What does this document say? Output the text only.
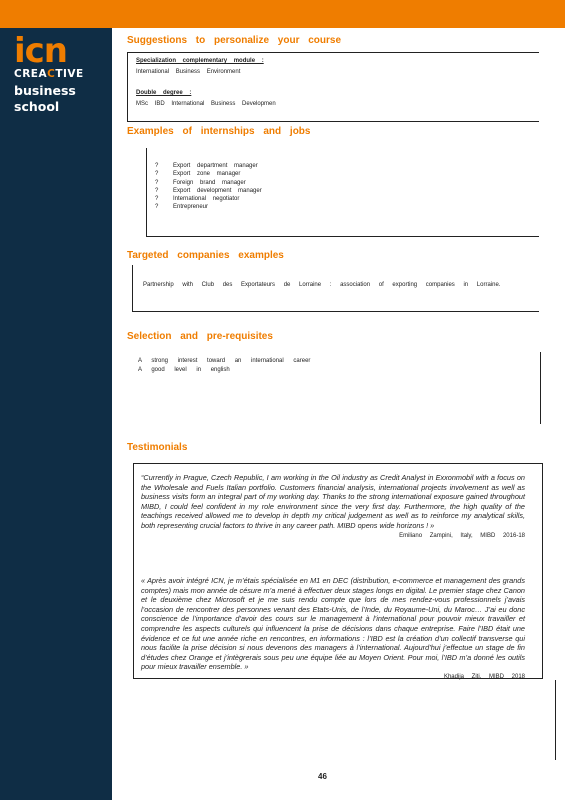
icn
CREACTIVE
business
school
Suggestions to personalize your course
Specialization complementary module :
International Business Environment
Double degree :
MSc IBD International Business Developmen
Examples of internships and jobs
? Export department manager
? Export zone manager
? Foreign brand manager
? Export development manager
? International negotiator
? Entrepreneur
Targeted companies examples
Partnership with Club des Exportateurs de Lorraine : association of exporting companies in Lorraine.
Selection and pre-requisites
A strong interest toward an international career
A good level in english
Testimonials
“Currently in Prague, Czech Republic, I am working in the Oil industry as Credit Analyst in Exxonmobil with a focus on the Wholesale and Fuels Italian portfolio. Customers financial analysis, international projects involvement as well as business visits form an integral part of my working day. Thanks to the strong international exposure gained throughout MIBD, I could feel confident in my role environment since the very first day. Furthermore, the high quality of the teachings received allowed me to develop in depth my critical judgement as well as to reinforce my analytical skills, both representing crucial factors to thrive in any career path. MIBD opens wide horizons ! »
Emiliano Zampini, Italy, MIBD 2016-18
« Après avoir intégré ICN, je m’étais spécialisée en M1 en DEC (distribution, e-commerce et management des grands comptes) mais mon année de césure m’a mené à effectuer deux stages longs en digital. Le premier stage chez Canon et le deuxième chez Microsoft et je me suis rendu compte que lors de mes rendez-vous professionnels j’avais l’occasion de rencontrer des personnes venant des Etats-Unis, de l’Inde, du Royaume-Uni, du Maroc… J’ai eu donc conscience de l’importance d’avoir des cours sur le management à l’international pour pouvoir mieux travailler et comprendre les aspects culturels qui influencent la prise de décisions dans chaque entreprise. Faire l’IBD était une évidence et ce fut une année riche en rencontres, en informations : l’IBD est la création d’un collectif transverse qui nous facilite la prise décision si nous devenons des managers à l’international. Aujourd’hui j’effectue un stage de fin d’études chez Orange et j’intègrerais sous peu une équipe liée au Moyen Orient. Pour moi, l’IBD m’a donné les outils pour mieux travailler ensemble. »
Khadija Ziti, MIBD 2018
46
